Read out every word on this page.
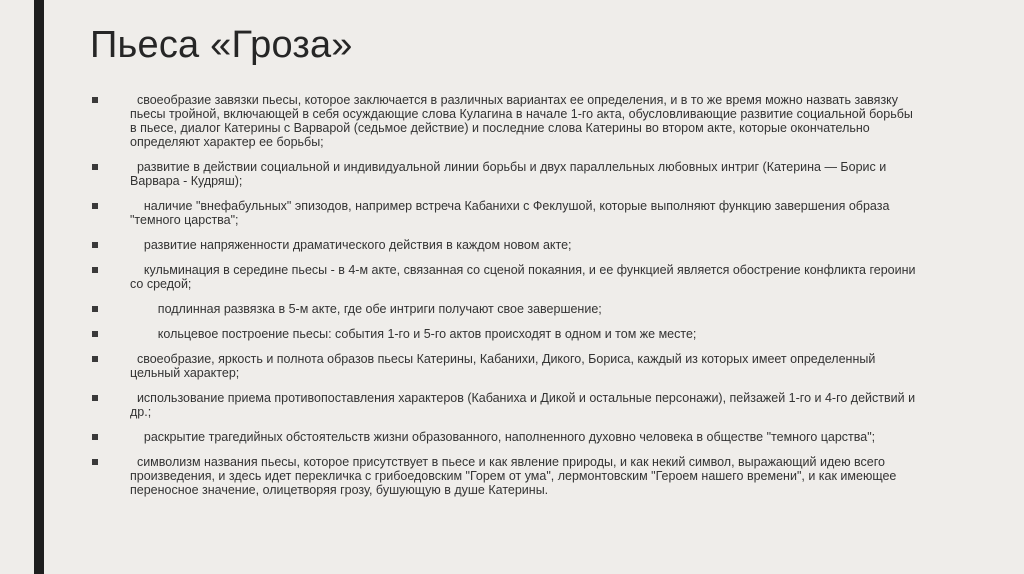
Пьеса «Гроза»
своеобразие завязки пьесы, которое заключается в различных вариантах ее определения, и в то же время можно назвать завязку пьесы тройной, включающей в себя осуждающие слова Кулагина в начале 1-го акта, обусловливающие развитие социальной борьбы в пьесе, диалог Катерины с Варварой (седьмое действие) и последние слова Катерины во втором акте, которые окончательно определяют характер ее борьбы;
развитие в действии социальной и индивидуальной линии борьбы и двух параллельных любовных интриг (Катерина — Борис и Варвара - Кудряш);
наличие "внефабульных" эпизодов, например встреча Кабанихи с Феклушой, которые выполняют функцию завершения образа "темного царства";
развитие напряженности драматического действия в каждом новом акте;
кульминация в середине пьесы - в 4-м акте, связанная со сценой покаяния, и ее функцией является обострение конфликта героини со средой;
подлинная развязка в 5-м акте, где обе интриги получают свое завершение;
кольцевое построение пьесы: события 1-го и 5-го актов происходят в одном и том же месте;
своеобразие, яркость и полнота образов пьесы Катерины, Кабанихи, Дикого, Бориса, каждый из которых имеет определенный цельный характер;
использование приема противопоставления характеров (Кабаниха и Дикой и остальные персонажи), пейзажей 1-го и 4-го действий и др.;
раскрытие трагедийных обстоятельств жизни образованного, наполненного духовно человека в обществе "темного царства";
символизм названия пьесы, которое присутствует в пьесе и как явление природы, и как некий символ, выражающий идею всего произведения, и здесь идет перекличка с грибоедовским "Горем от ума", лермонтовским "Героем нашего времени", и как имеющее переносное значение, олицетворяя грозу, бушующую в душе Катерины.
